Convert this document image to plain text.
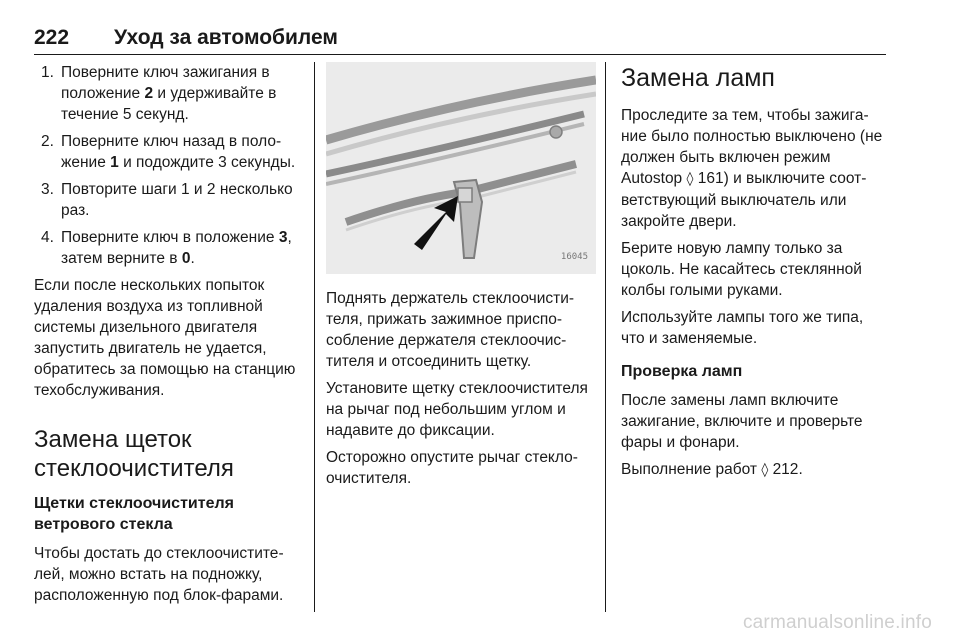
222 Уход за автомобилем
1. Поверните ключ зажигания в положение 2 и удерживайте в течение 5 секунд.
2. Поверните ключ назад в положение 1 и подождите 3 секунды.
3. Повторите шаги 1 и 2 несколько раз.
4. Поверните ключ в положение 3, затем верните в 0.

Если после нескольких попыток удаления воздуха из топливной системы дизельного двигателя запустить двигатель не удается, обратитесь за помощью на станцию техобслуживания.

Замена щеток стеклоочистителя
Щетки стеклоочистителя ветрового стекла

Чтобы достать до стеклоочистителей, можно встать на подножку, расположенную под блок-фарами.

16045

Поднять держатель стеклоочистителя, прижать зажимное приспособление держателя стеклоочистителя и отсоединить щетку.

Установите щетку стеклоочистителя на рычаг под небольшим углом и надавите до фиксации.

Осторожно опустите рычаг стеклоочистителя.

Замена ламп

Проследите за тем, чтобы зажигание было полностью выключено (не должен быть включен режим Autostop ◊ 161) и выключите соответствующий выключатель или закройте двери.

Берите новую лампу только за цоколь. Не касайтесь стеклянной колбы голыми руками.

Используйте лампы того же типа, что и заменяемые.

Проверка ламп

После замены ламп включите зажигание, включите и проверьте фары и фонари.

Выполнение работ ◊ 212.

carmanualsonline.info
